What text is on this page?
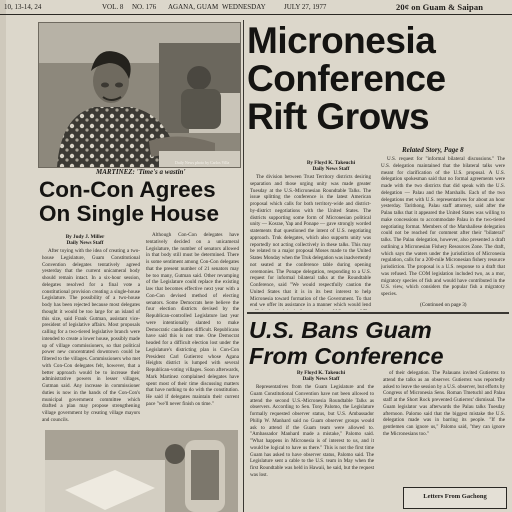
10, 13-14, 24	VOL. 8 NO. 176 AGANA, GUAM WEDNESDAY	JULY 27, 1977	20¢ on Guam & Saipan
Daily News photo by Carlos Villa
MARTINEZ: 'Time's a wastin'
Micronesia
Conference
Rift Grows
Related Story, Page 8
By Floyd K. Takeuchi
Daily News Staff
The division between Trust Territory districts desiring separation and those urging unity was made greater Tuesday at the U.S.-Micronesian Roundtable Talks. The issue splitting the conference is the latest American proposal which calls for both territory-wide and district-by-district negotiations with the United States. The districts supporting some form of Micronesian political unity — Kosrae, Yap and Ponape — gave strongly worded statements that questioned the intent of U.S. negotiating approach. Truk delegates, which also supports unity was reportedly not acting collectively in these talks. This may be related to a major proposal Moses made to the United States Monday when the Truk delegation was inadvertently not seated at the conference table during opening ceremonies. The Ponape delegation, responding to a U.S. request for informal bilateral talks at the Roundtable Conference, said "We would respectfully caution the United States that it is in its best interest to help Micronesia toward formation of the Government. To that end we offer its assistance in a manner which would lend
U.S. request for "informal bilateral discussions." The U.S. delegation maintained that the bilateral talks were meant for clarification of the U.S. proposal. A U.S. delegation spokesman said that no formal agreements were made with the two districts that did speak with the U.S. delegation — Palau and the Marshalls. Each of the two delegations met with U.S. representatives for about an hour yesterday. Tarithong, Palau staff attorney, said after the Palau talks that it appeared the United States was willing to make concessions to accommodate Palau in the two-tiered negotiating format. Members of the Marshallese delegation could not be reached for comment after their "bilateral" talks. The Palau delegation, however, also presented a draft outlining a Micronesian Fishery Resources Zone. The draft, which says the waters under the jurisdiction of Micronesia regulation, calls for a 200-mile Micronesian fishery resource jurisdiction. The proposal is a U.S. response to a draft that was refused. The COM legislation included two, as a mor, migratory species of fish and would have contributed in the U.S. view, which considers the popular fish a migratory species.
(Continued on page 3)
Con-Con Agrees
On Single House
By Judy J. Miller
Daily News Staff
After toying with the idea of creating a two-house Legislature, Guam Constitutional Convention delegates tentatively agreed yesterday that the current unicameral body should remain intact. In a six-hour session, delegates resolved for a final vote a constitutional provision creating a single-house Legislature. The possibility of a two-house body has been rejected because most delegates thought it would be too large for an island of this size, said Frank Gutman, assistant vice-president of legislative affairs. Most proposals calling for a two-tiered legislative branch were intended to create a lower house, possibly made up of village commissioners, so that political power new concentrated downtown could be filtered to the villages. Commissioners who met with Con-Con delegates felt, however, that a better approach would be to increase their administrative powers in lesser villages, Gutman said. Any increase in commissioner duties is now in the hands of the Con-Con's municipal government committee which drafted a plan may propose strengthening village government by creating village mayors and councils.
Although Con-Con delegates have tentatively decided on a unicameral Legislature, the number of senators allowed in that body still must be determined. There is some sentiment among Con-Con delegates that the present number of 21 senators may be too many, Gutman said. Other revamping of the Legislature could replace the existing law that becomes effective next year with a Con-Con devised method of electing senators. Some Democrats here believe the four election districts devised by the Republican-controlled Legislature last year were intentionally slanted to make Democratic candidates difficult. Republicans have said this is not true. One Democrat headed for a difficult election lost under the Legislature's districting plan is Con-Con President Carl Gutierrez whose Agana Heights district is lumped with several Republican-voting villages. Soon afterwards, Mark Martinez complained delegates have spent most of their time discussing matters that have nothing to do with the constitution. He said if delegates maintain their current pace "we'll never finish on time."
U.S. Bans Guam
From Conference
By Floyd K. Takeuchi
Daily News Staff
Representatives from the Guam Legislature and the Guam Constitutional Convention have not been allowed to attend the second U.S.-Micronesia Roundtable Talks as observers. According to Sen. Tony Palomo, the Legislature formally requested observer status, but U.S. Ambassador Philip W. Manhard said no Guam observer groups would ask to attend if the Guam team were allowed to. "Ambassador Manhard made a mistake," Palomo said. "What happens in Micronesia is of interest to us, and it would be logical to have us there." This is not the first time Guam has asked to have observer status, Palomo said. The Legislature sent a cable to the U.S. team in May when the first Roundtable was held in Hawaii, he said, but the request was lost.
of their delegation. The Palauans invited Gutierrez to attend the talks as an observer. Gutierrez was reportedly asked to leave the session by a U.S. observer, but efforts by Congress of Micronesia Sens. Roman Tmetuchl and Palau staff at the Short Rock prevented Gutierrez' dismissal. The Guam legislator was afterwards the Palau talks Tuesday afternoon. Palomo said that the biggest mistake the U.S. delegation made was in barring its people. "If the gentlemen can ignore us," Palomo said, "they can ignore the Micronesians too."
Letters From Gachong
